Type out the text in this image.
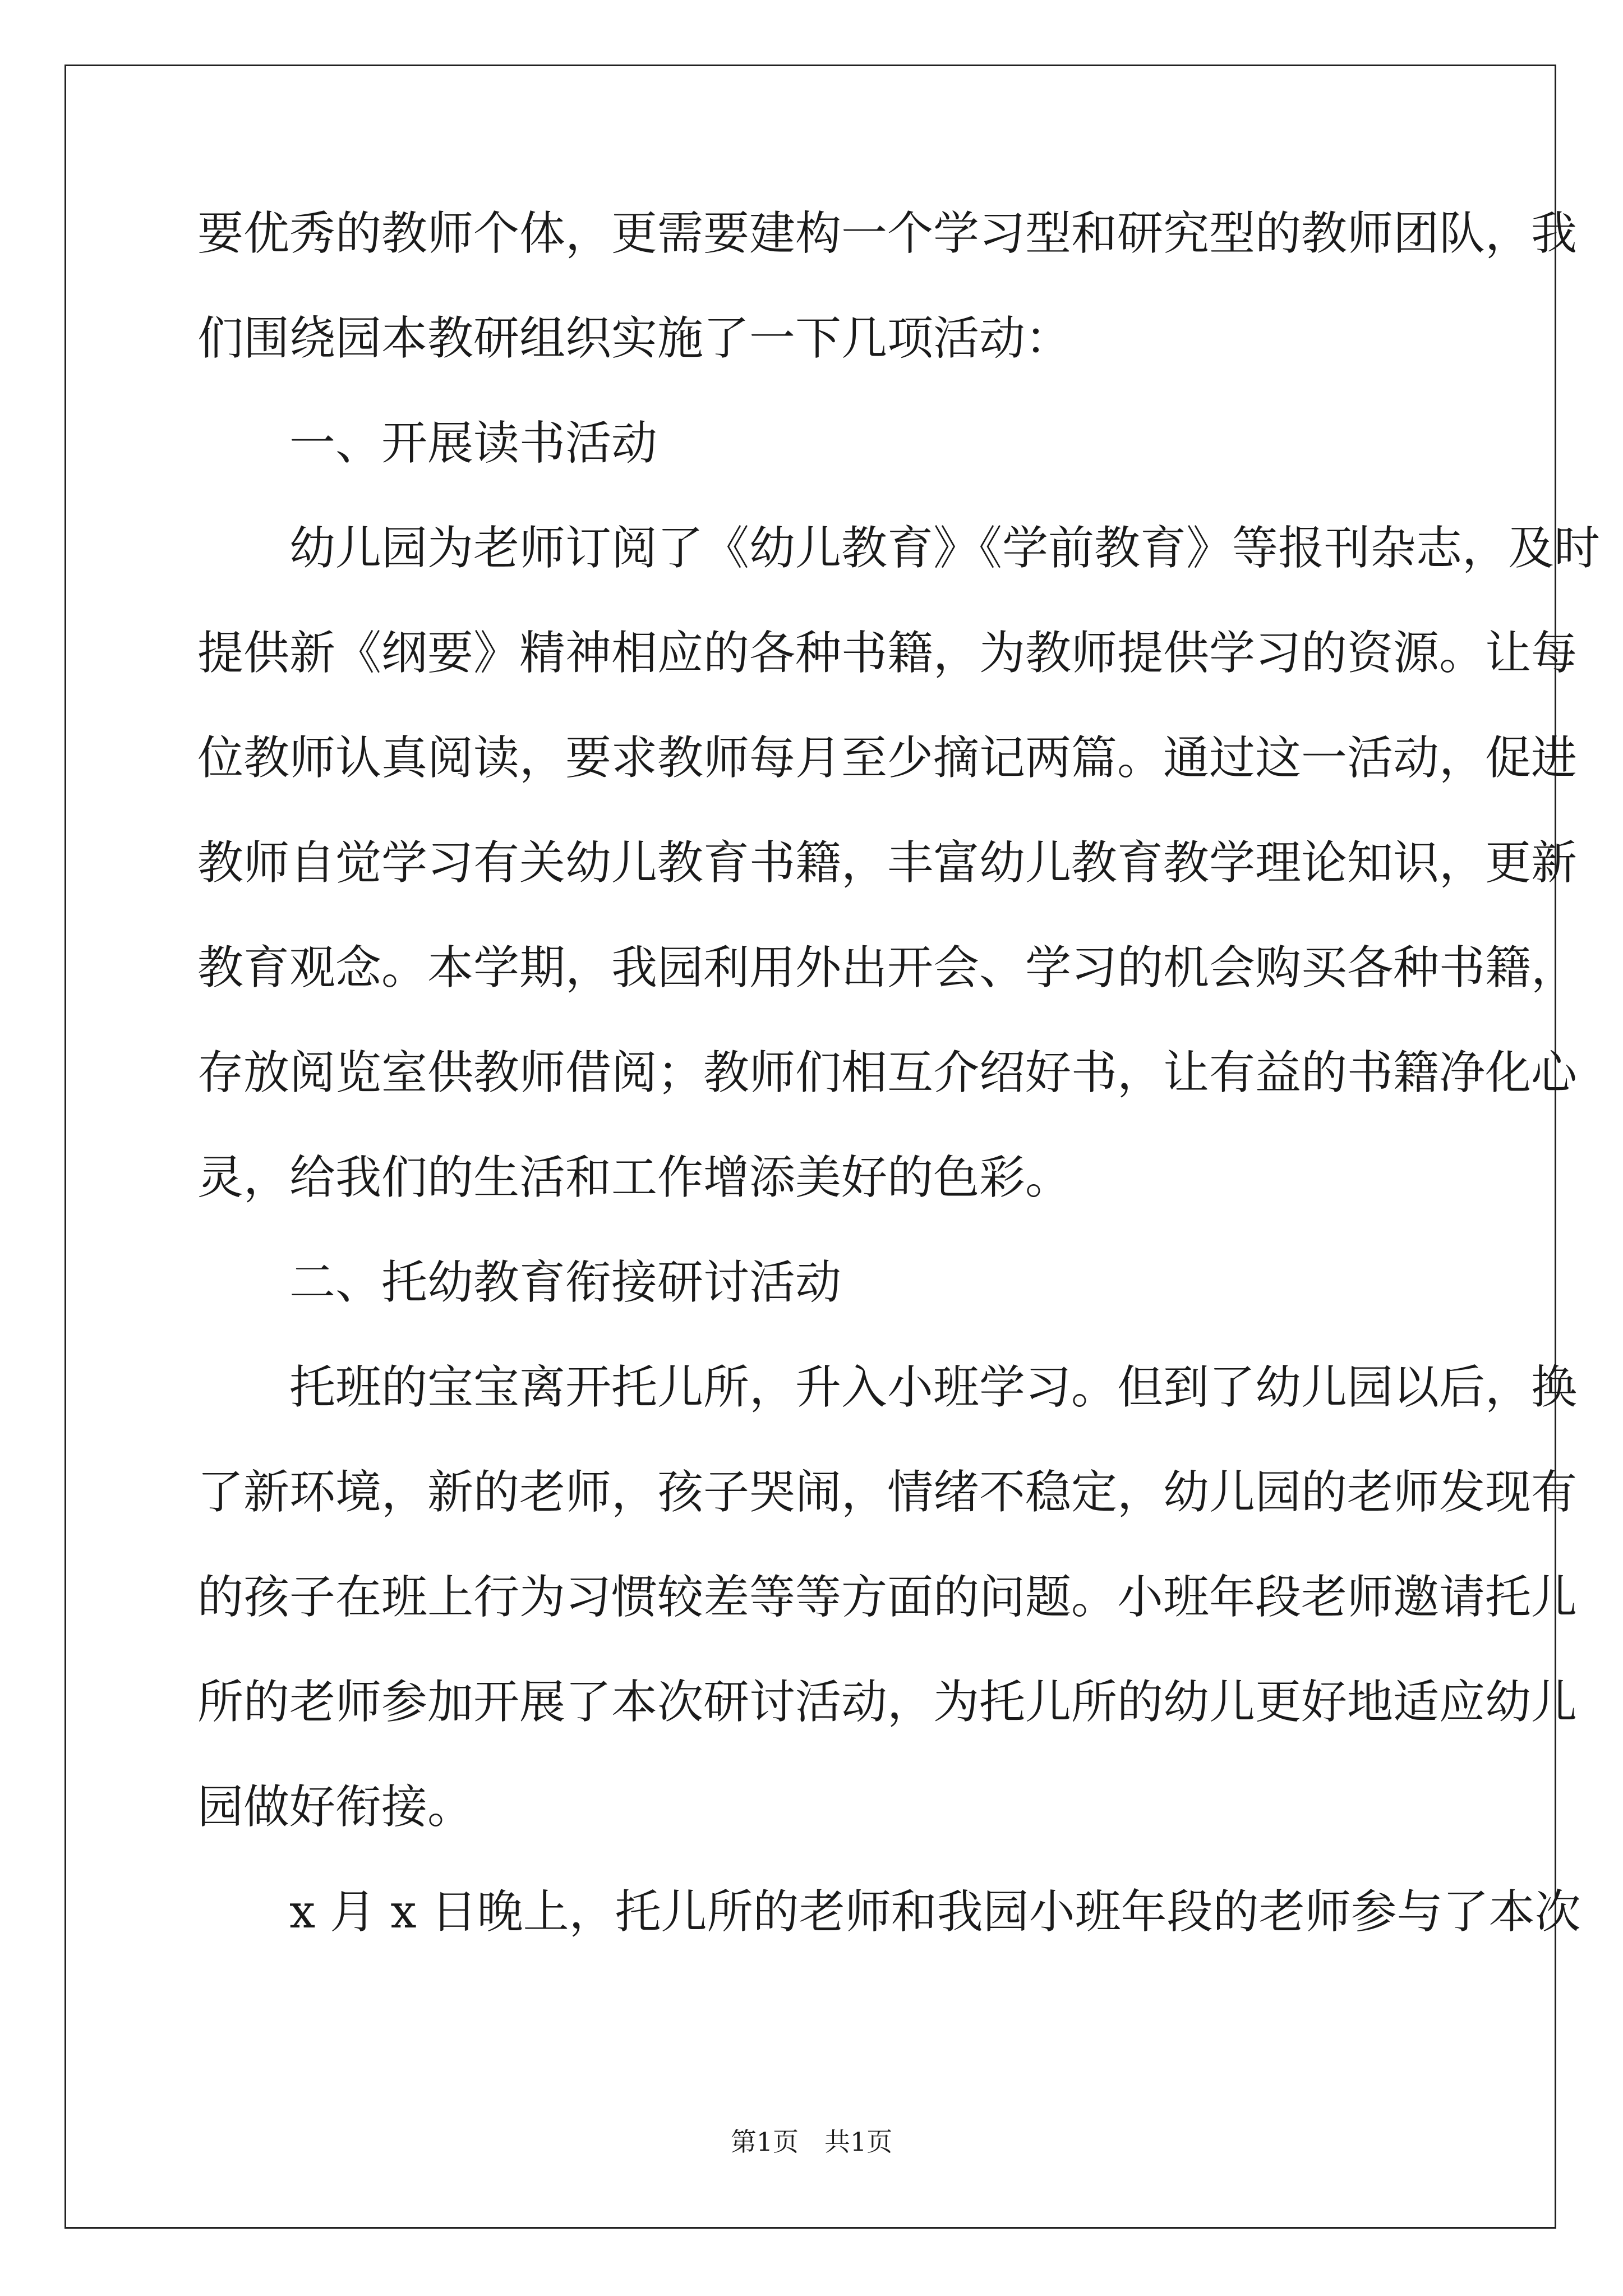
要优秀的教师个体，更需要建构一个学习型和研究型的教师团队，我
们围绕园本教研组织实施了一下几项活动：
一、开展读书活动
幼儿园为老师订阅了《幼儿教育》《学前教育》等报刊杂志，及时
提供新《纲要》精神相应的各种书籍，为教师提供学习的资源。让每
位教师认真阅读，要求教师每月至少摘记两篇。通过这一活动，促进
教师自觉学习有关幼儿教育书籍，丰富幼儿教育教学理论知识，更新
教育观念。本学期，我园利用外出开会、学习的机会购买各种书籍，
存放阅览室供教师借阅；教师们相互介绍好书，让有益的书籍净化心
灵，给我们的生活和工作增添美好的色彩。
二、托幼教育衔接研讨活动
托班的宝宝离开托儿所，升入小班学习。但到了幼儿园以后，换
了新环境，新的老师，孩子哭闹，情绪不稳定，幼儿园的老师发现有
的孩子在班上行为习惯较差等等方面的问题。小班年段老师邀请托儿
所的老师参加开展了本次研讨活动，为托儿所的幼儿更好地适应幼儿
园做好衔接。
x 月 x 日晚上，托儿所的老师和我园小班年段的老师参与了本次
第1页　共1页
